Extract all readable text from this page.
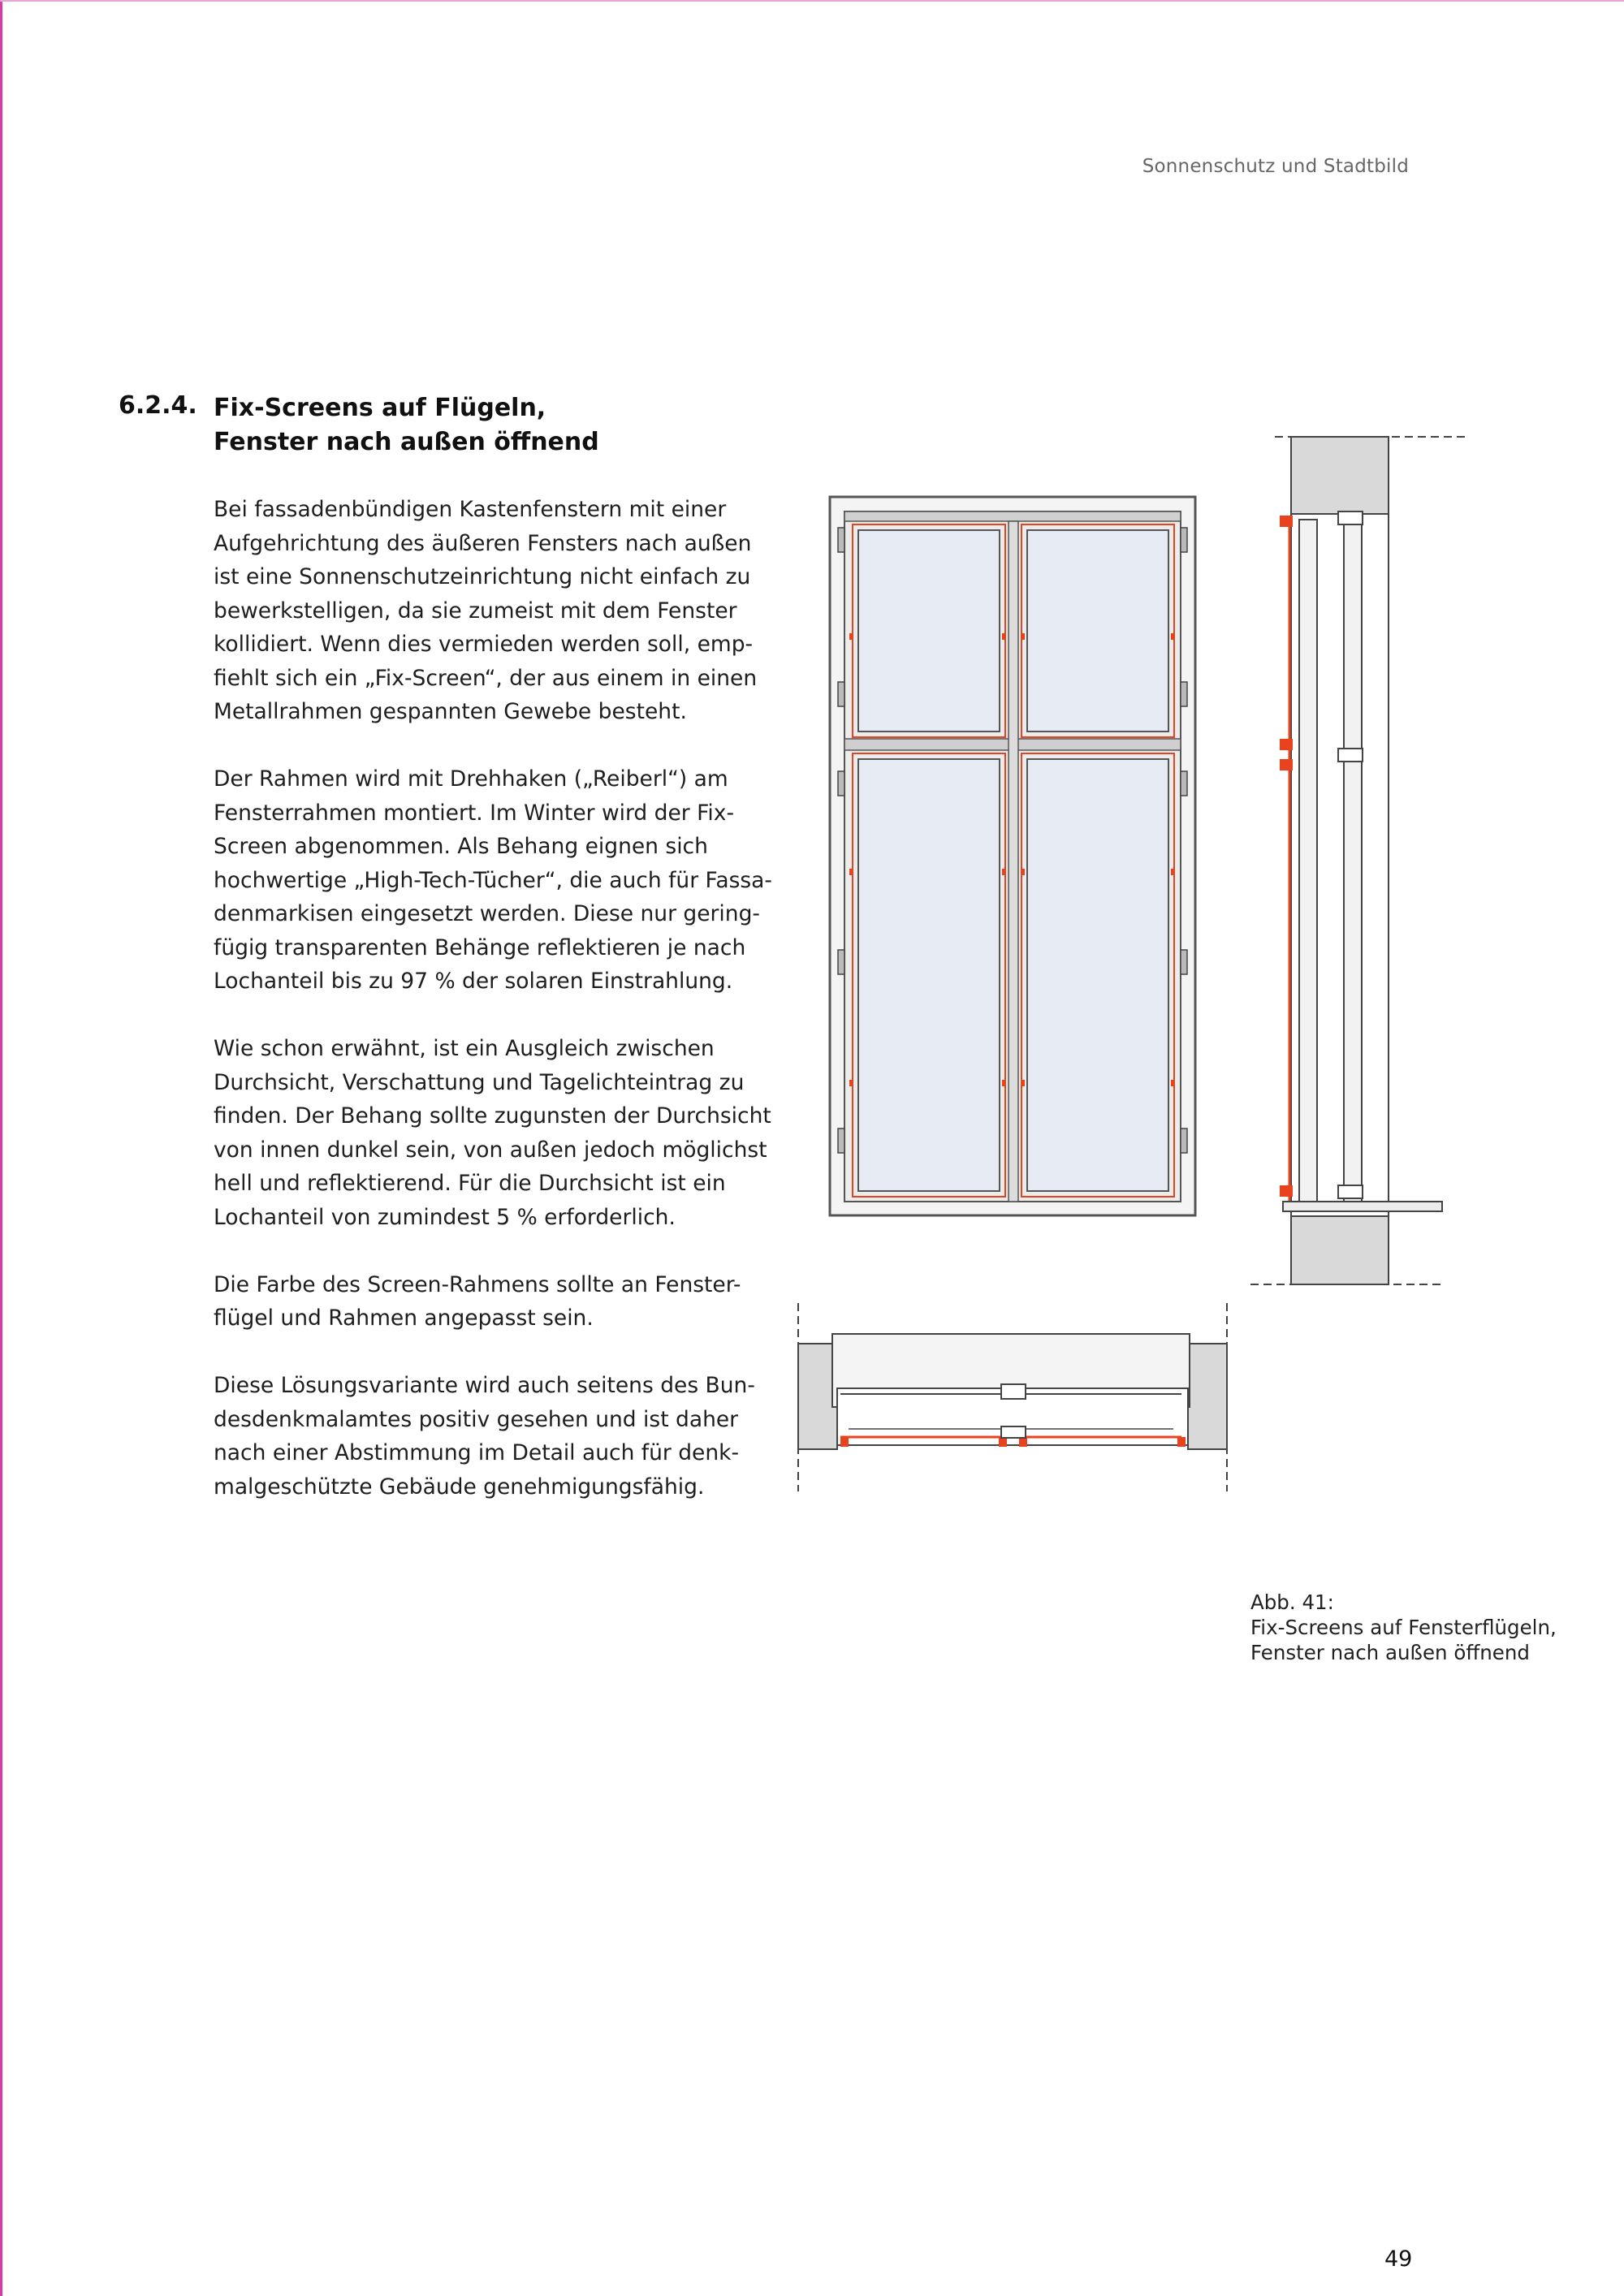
Sonnenschutz und Stadtbild
6.2.4. Fix-Screens auf Flügeln,
Fenster nach außen öffnend

Bei fassadenbündigen Kastenfenstern mit einer
Aufgehrichtung des äußeren Fensters nach außen
ist eine Sonnenschutzeinrichtung nicht einfach zu
bewerkstelligen, da sie zumeist mit dem Fenster
kollidiert. Wenn dies vermieden werden soll, emp-
fiehlt sich ein „Fix-Screen“, der aus einem in einen
Metallrahmen gespannten Gewebe besteht.

Der Rahmen wird mit Drehhaken („Reiberl“) am
Fensterrahmen montiert. Im Winter wird der Fix-
Screen abgenommen. Als Behang eignen sich
hochwertige „High-Tech-Tücher“, die auch für Fassa-
denmarkisen eingesetzt werden. Diese nur gering-
fügig transparenten Behänge reflektieren je nach
Lochanteil bis zu 97 % der solaren Einstrahlung.

Wie schon erwähnt, ist ein Ausgleich zwischen
Durchsicht, Verschattung und Tagelichteintrag zu
finden. Der Behang sollte zugunsten der Durchsicht
von innen dunkel sein, von außen jedoch möglichst
hell und reflektierend. Für die Durchsicht ist ein
Lochanteil von zumindest 5 % erforderlich.

Die Farbe des Screen-Rahmens sollte an Fenster-
flügel und Rahmen angepasst sein.

Diese Lösungsvariante wird auch seitens des Bun-
desdenkmalamtes positiv gesehen und ist daher
nach einer Abstimmung im Detail auch für denk-
malgeschützte Gebäude genehmigungsfähig.

Abb. 41:
Fix-Screens auf Fensterflügeln,
Fenster nach außen öffnend
49
